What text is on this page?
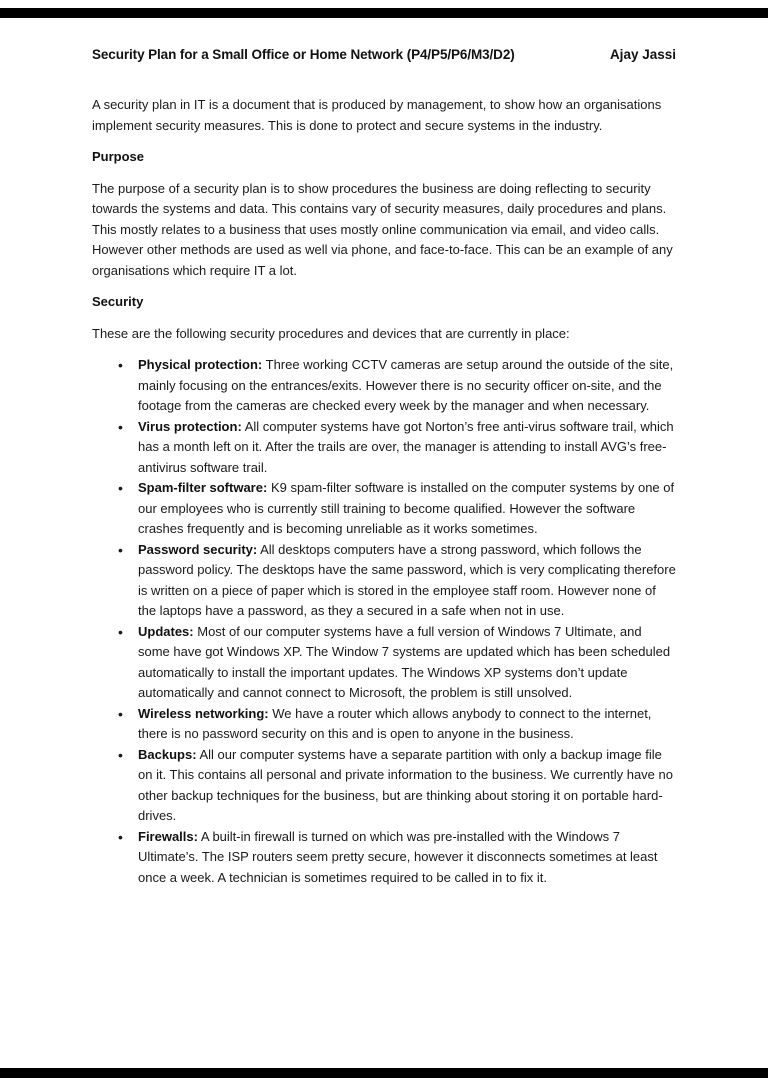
Security Plan for a Small Office or Home Network (P4/P5/P6/M3/D2)	Ajay Jassi

A security plan in IT is a document that is produced by management, to show how an organisations implement security measures. This is done to protect and secure systems in the industry.

Purpose

The purpose of a security plan is to show procedures the business are doing reflecting to security towards the systems and data. This contains vary of security measures, daily procedures and plans. This mostly relates to a business that uses mostly online communication via email, and video calls. However other methods are used as well via phone, and face-to-face. This can be an example of any organisations which require IT a lot.

Security

These are the following security procedures and devices that are currently in place:

• Physical protection: Three working CCTV cameras are setup around the outside of the site, mainly focusing on the entrances/exits. However there is no security officer on-site, and the footage from the cameras are checked every week by the manager and when necessary.
• Virus protection: All computer systems have got Norton’s free anti-virus software trail, which has a month left on it. After the trails are over, the manager is attending to install AVG’s free-antivirus software trail.
• Spam-filter software: K9 spam-filter software is installed on the computer systems by one of our employees who is currently still training to become qualified. However the software crashes frequently and is becoming unreliable as it works sometimes.
• Password security: All desktops computers have a strong password, which follows the password policy. The desktops have the same password, which is very complicating therefore is written on a piece of paper which is stored in the employee staff room. However none of the laptops have a password, as they a secured in a safe when not in use.
• Updates: Most of our computer systems have a full version of Windows 7 Ultimate, and some have got Windows XP. The Window 7 systems are updated which has been scheduled automatically to install the important updates. The Windows XP systems don’t update automatically and cannot connect to Microsoft, the problem is still unsolved.
• Wireless networking: We have a router which allows anybody to connect to the internet, there is no password security on this and is open to anyone in the business.
• Backups: All our computer systems have a separate partition with only a backup image file on it. This contains all personal and private information to the business. We currently have no other backup techniques for the business, but are thinking about storing it on portable hard-drives.
• Firewalls: A built-in firewall is turned on which was pre-installed with the Windows 7 Ultimate’s. The ISP routers seem pretty secure, however it disconnects sometimes at least once a week. A technician is sometimes required to be called in to fix it.
